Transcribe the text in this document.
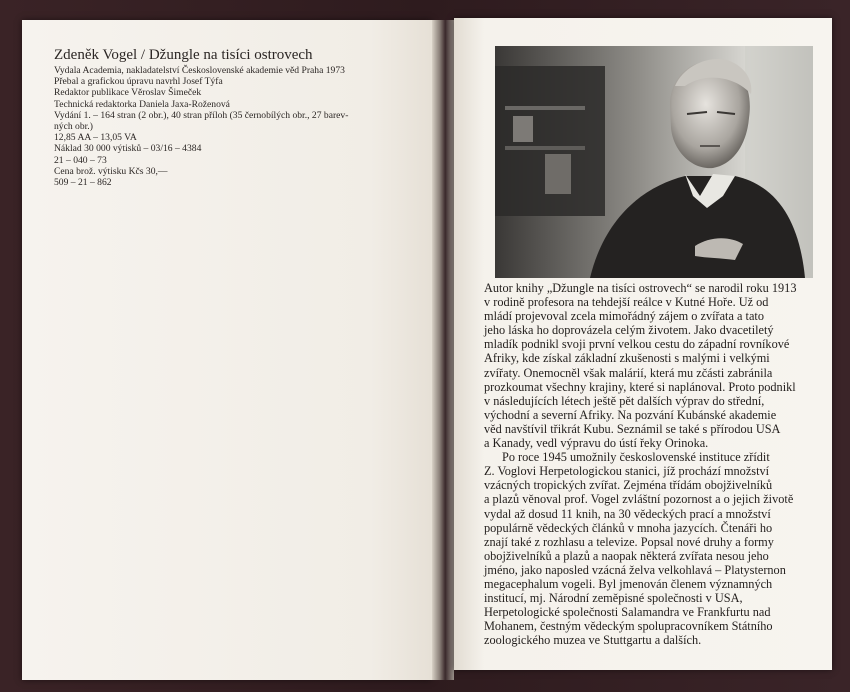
Zdeněk Vogel / Džungle na tisíci ostrovech

Vydala Academia, nakladatelství Československé akademie věd Praha 1973

Přebal a grafickou úpravu navrhl Josef Týfa

Redaktor publikace Věroslav Šimeček

Technická redaktorka Daniela Jaxa-Rožеnová

Vydání 1. – 164 stran (2 obr.), 40 stran příloh (35 černobílých obr., 27 barev-

ných obr.)

12,85 AA – 13,05 VA

Náklad 30 000 výtisků – 03/16 – 4384

21 – 040 – 73

Cena brož. výtisku Kčs 30,—

509 – 21 – 862

Autor knihy „Džungle na tisíci ostrovech“ se narodil roku 1913

v rodině profesora na tehdejší reálce v Kutné Hoře. Už od

mládí projevoval zcela mimořádný zájem o zvířata a tato

jeho láska ho doprovázela celým životem. Jako dvacetiletý

mladík podnikl svoji první velkou cestu do západní rovníkové

Afriky, kde získal základní zkušenosti s malými i velkými

zvířaty. Onemocněl však malárií, která mu zčásti zabránila

prozkoumat všechny krajiny, které si naplánoval. Proto podnikl

v následujících létech ještě pět dalších výprav do střední,

východní a severní Afriky. Na pozvání Kubánské akademie

věd navštívil třikrát Kubu. Seznámil se také s přírodou USA

a Kanady, vedl výpravu do ústí řeky Orinoka.

Po roce 1945 umožnily československé instituce zřídit

Z. Voglovi Herpetologickou stanici, jíž prochází množství

vzácných tropických zvířat. Zejména třídám obojživelníků

a plazů věnoval prof. Vogel zvláštní pozornost a o jejich životě

vydal až dosud 11 knih, na 30 vědeckých prací a množství

populárně vědeckých článků v mnoha jazycích. Čtenáři ho

znají také z rozhlasu a televize. Popsal nové druhy a formy

obojživelníků a plazů a naopak některá zvířata nesou jeho

jméno, jako naposled vzácná želva velkohlavá – Platysternon

megacephalum vogeli. Byl jmenován členem významných

institucí, mj. Národní zeměpisné společnosti v USA,

Herpetologické společnosti Salamandra ve Frankfurtu nad

Mohanem, čestným vědeckým spolupracovníkem Státního

zoologického muzea ve Stuttgartu a dalších.
